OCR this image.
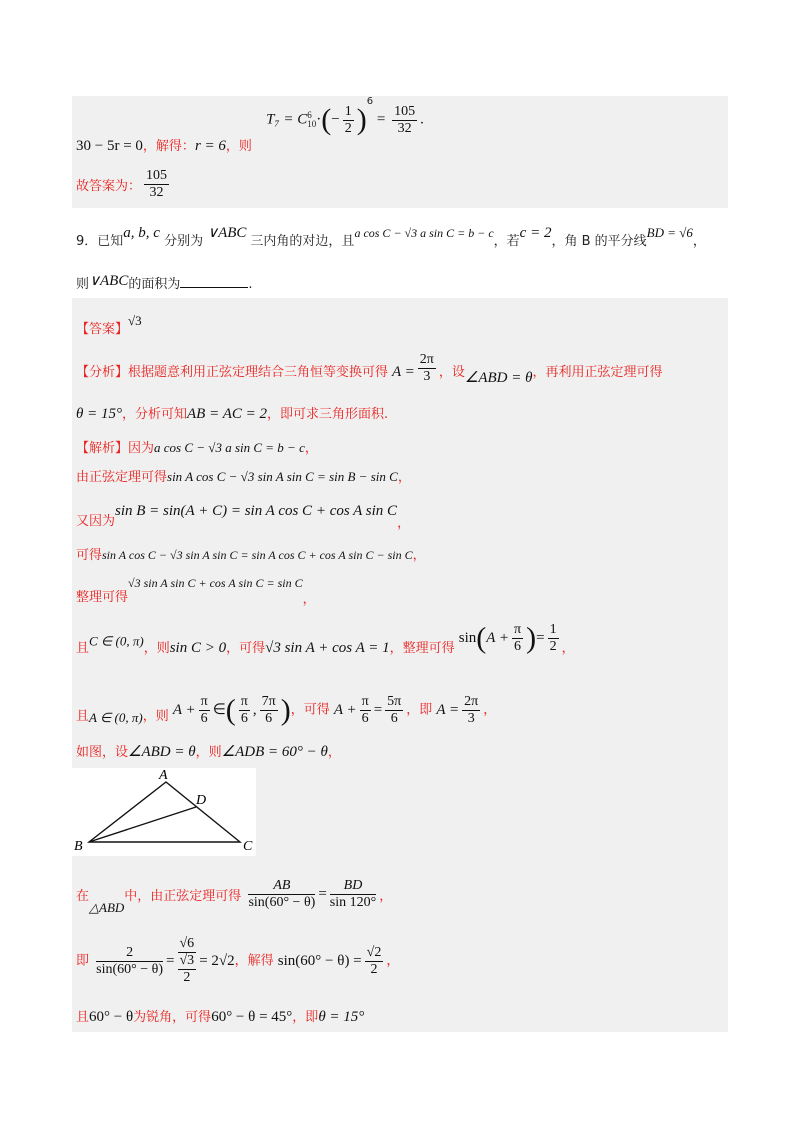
30 − 5r = 0，解得：r = 6，则 T₇ = C 6
10 ·(− $\frac{1}{2} )^6 = \frac{105}{32}$ .
故答案为： $\frac{105}{32}$
9．已知a, b, c 分别为∨ABC三内角的对边，且a cos C − √3 a sin C = b − c，若c = 2，角 B 的平分线BD = √6，
则∨ABC的面积为	.
【答案】√3
【分析】根据题意利用正弦定理结合三角恒等变换可得 $A = \frac{2\pi}{3}$ ，设∠ABD = θ，再利用正弦定理可得
θ = 15°，分析可知AB = AC = 2，即可求三角形面积.
【解析】因为a cos C − √3 a sin C = b − c，
由正弦定理可得sin A cos C − √3 sin A sin C = sin B − sin C，
又因为sin B = sin(A + C) = sin A cos C + cos A sin C，
可得sin A cos C − √3 sin A sin C = sin A cos C + cos A sin C − sin C，
整理可得√3 sin A sin C + cos A sin C = sin C，
且C ∈ (0, π)，则sin C > 0，可得√3 sin A + cos A = 1，整理可得 $\sin(A + \frac{\pi}{6}$ )= $\frac{1}{2}$ ，
且A ∈ (0, π)，则 $A + \frac{\pi}{6}$ ∈( $\frac{\pi}{6}$ , $\frac{7\pi}{6}$ )，可得 $A + \frac{\pi}{6} = \frac{5\pi}{6}$ ，即 $A = \frac{2\pi}{3}$ ，
如图，设∠ABD = θ，则∠ADB = 60° − θ，
A
B	C
D
在△ABD中，由正弦定理可得 $\frac{AB}{\sin(60^\circ - \theta)} = \frac{BD}{\sin 120^\circ}$ ，
即 $\frac{2}{\sin(60^\circ - \theta)}$ =
√6
√3
2
= 2√2，解得 $\sin(60^\circ - \theta) = \frac{√2}{2}$ ，
且60° − θ为锐角，可得60° − θ = 45°，即θ = 15°
